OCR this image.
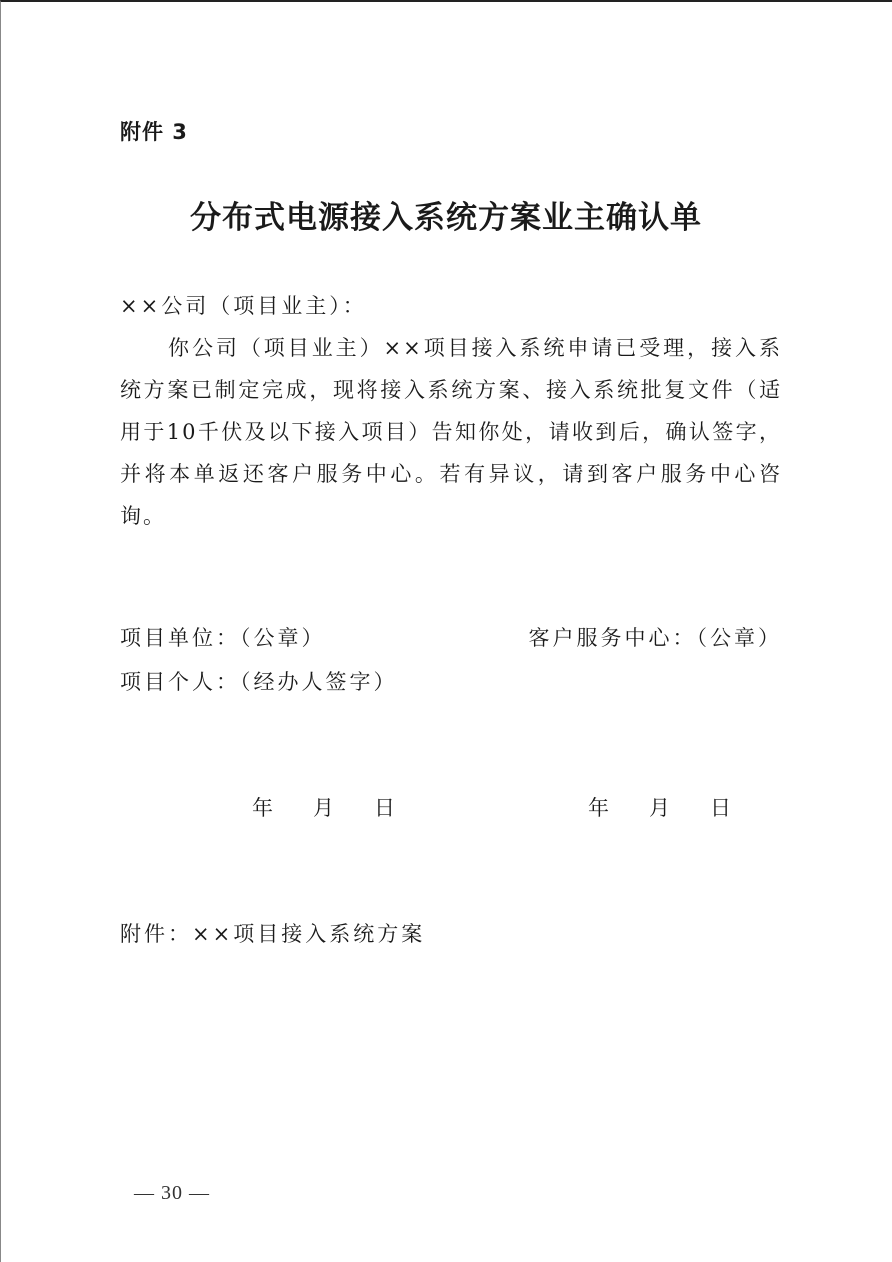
附件 3
分布式电源接入系统方案业主确认单
××公司（项目业主）：
你公司（项目业主）××项目接入系统申请已受理，接入系统方案已制定完成，现将接入系统方案、接入系统批复文件（适用于10千伏及以下接入项目）告知你处，请收到后，确认签字，并将本单返还客户服务中心。若有异议，请到客户服务中心咨询。
项目单位：（公章）	客户服务中心：（公章）
项目个人：（经办人签字）
年 月 日	年 月 日
附件：××项目接入系统方案
— 30 —
